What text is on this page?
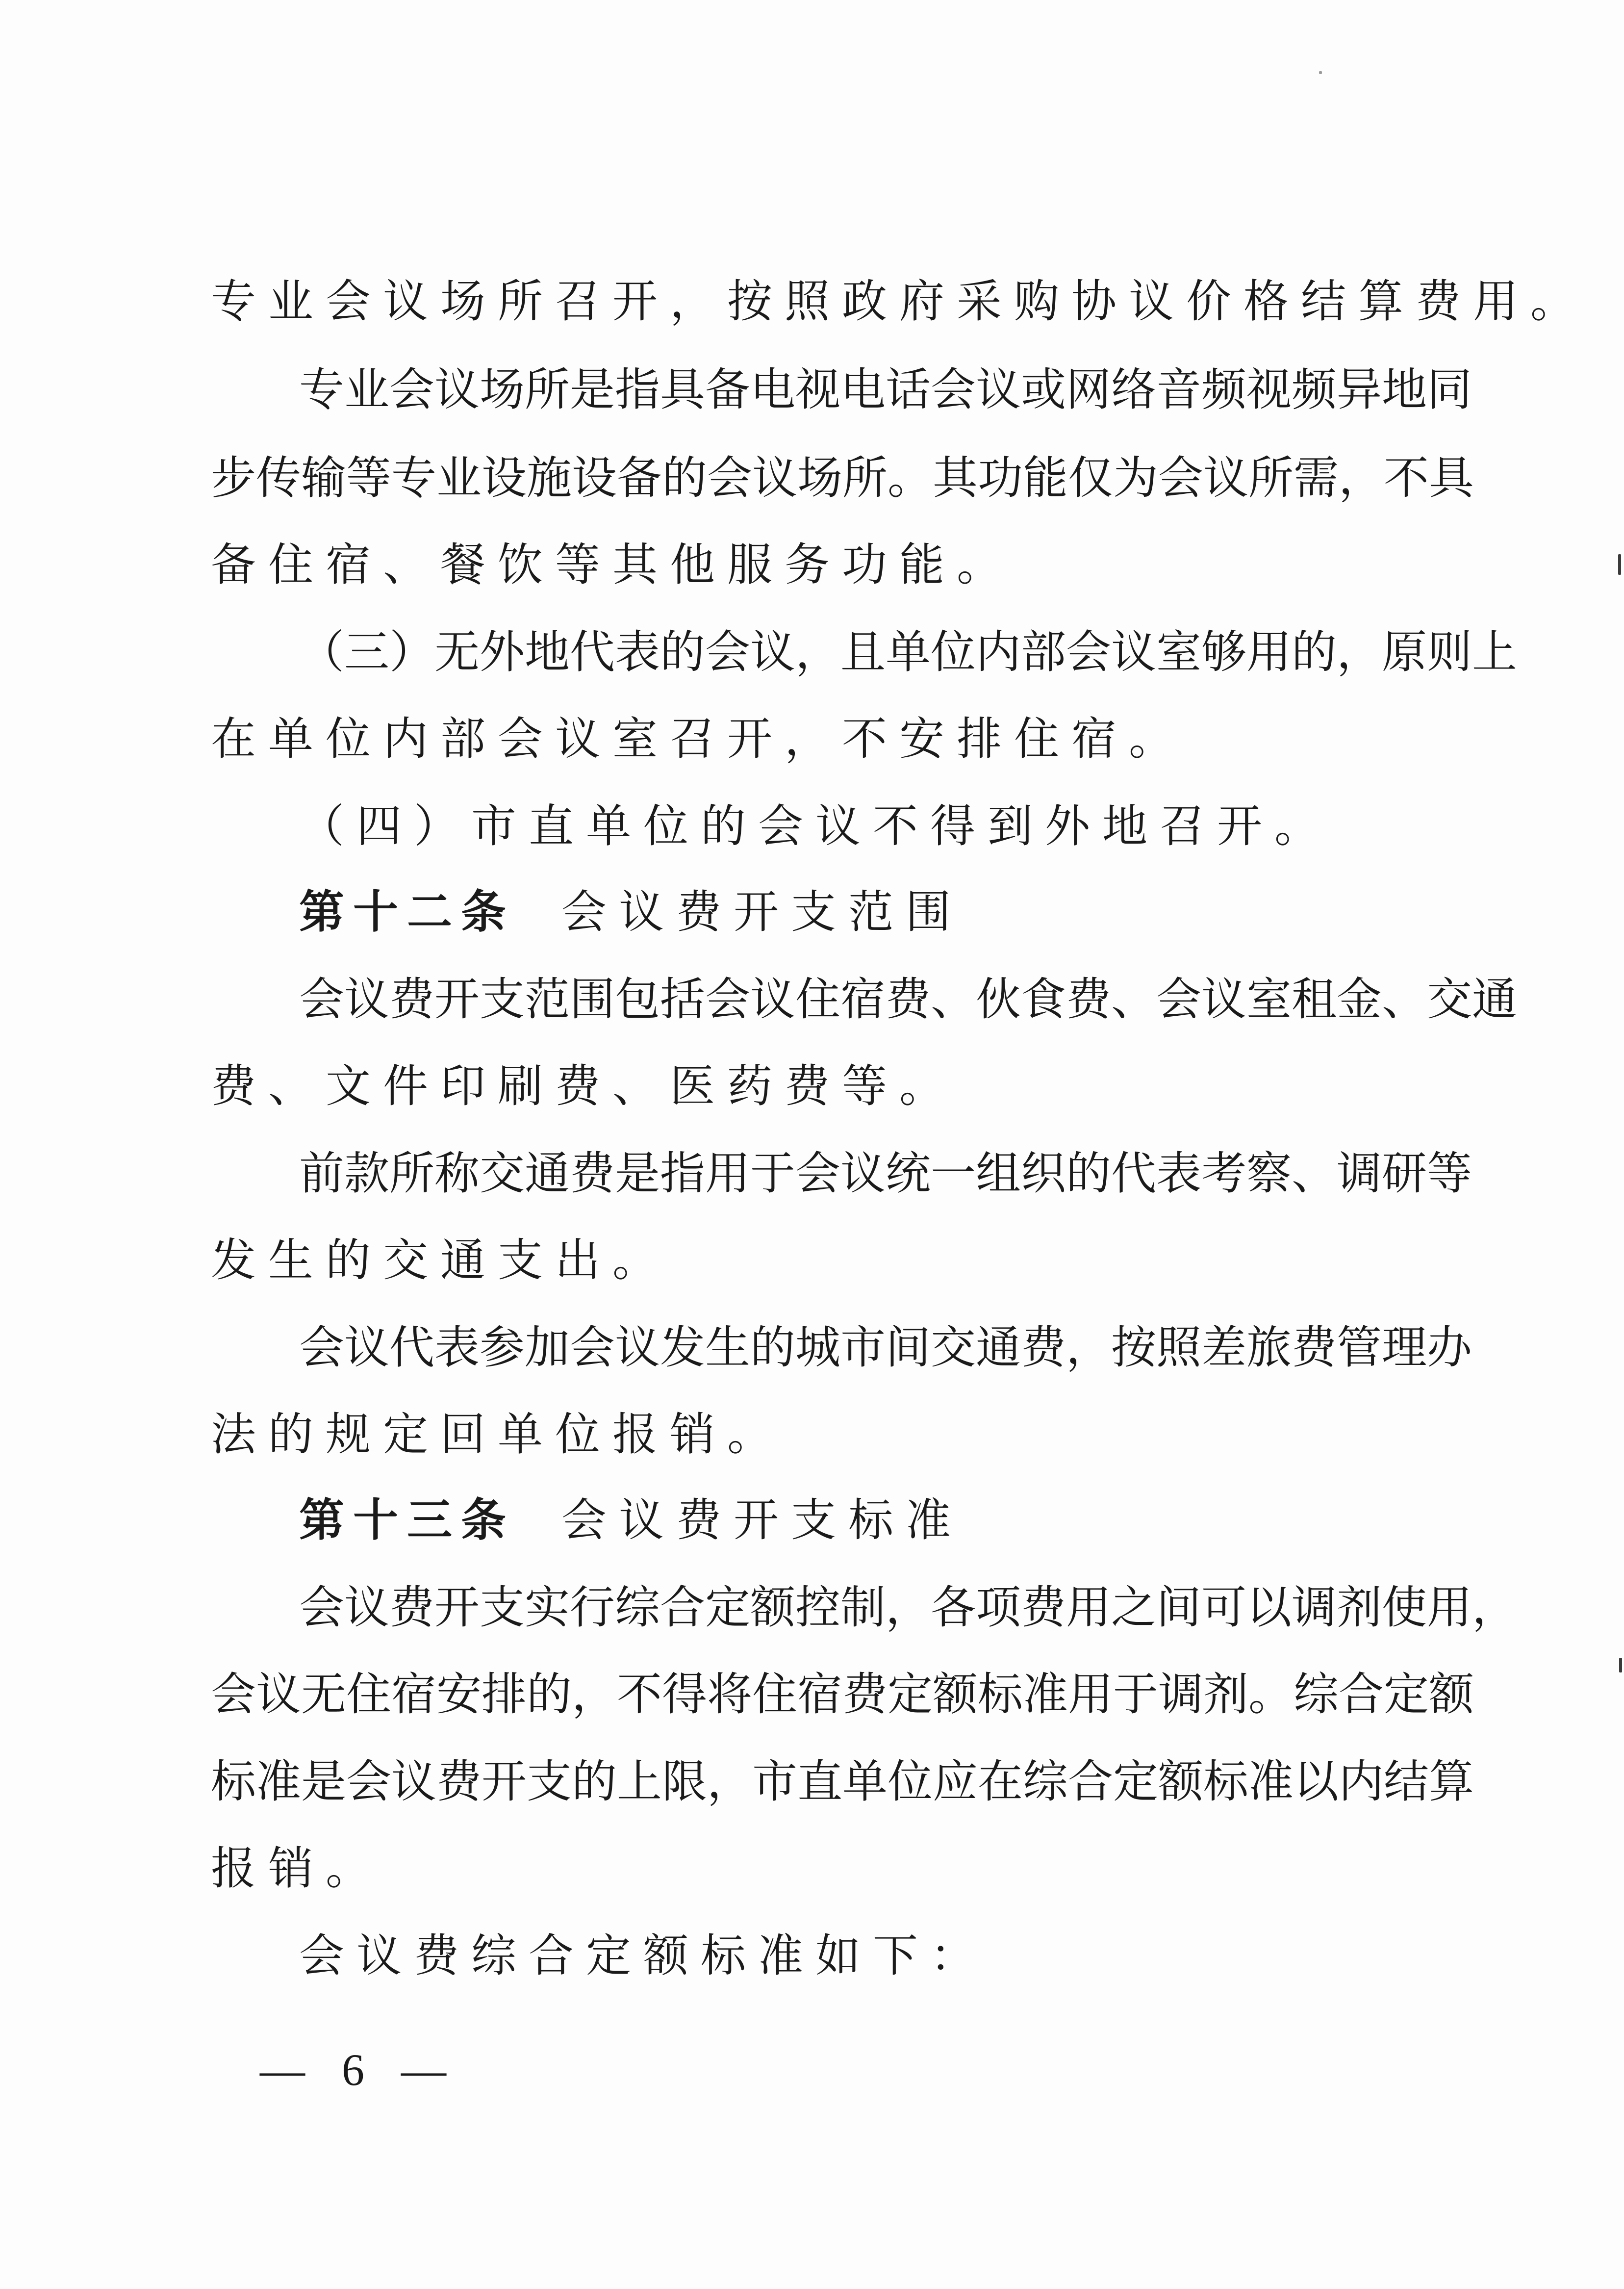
专业会议场所召开，按照政府采购协议价格结算费用。
专业会议场所是指具备电视电话会议或网络音频视频异地同
步传输等专业设施设备的会议场所。其功能仅为会议所需，不具
备住宿、餐饮等其他服务功能。
（三）无外地代表的会议，且单位内部会议室够用的，原则上
在单位内部会议室召开，不安排住宿。
（四）市直单位的会议不得到外地召开。
第十二条 会议费开支范围
会议费开支范围包括会议住宿费、伙食费、会议室租金、交通
费、文件印刷费、医药费等。
前款所称交通费是指用于会议统一组织的代表考察、调研等
发生的交通支出。
会议代表参加会议发生的城市间交通费，按照差旅费管理办
法的规定回单位报销。
第十三条 会议费开支标准
会议费开支实行综合定额控制，各项费用之间可以调剂使用，
会议无住宿安排的，不得将住宿费定额标准用于调剂。综合定额
标准是会议费开支的上限，市直单位应在综合定额标准以内结算
报销。
会议费综合定额标准如下：
— 6 —
